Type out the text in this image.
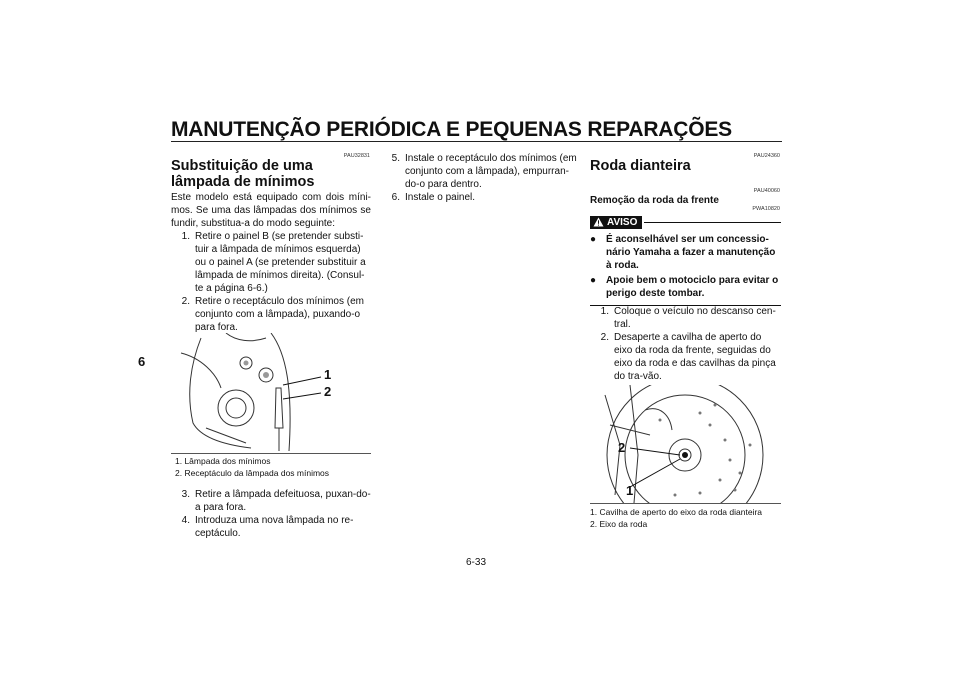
MANUTENÇÃO PERIÓDICA E PEQUENAS REPARAÇÕES
6
PAU32831
Substituição de uma lâmpada de mínimos
Este modelo está equipado com dois míni-mos. Se uma das lâmpadas dos mínimos se fundir, substitua-a do modo seguinte:
1. Retire o painel B (se pretender substi-tuir a lâmpada de mínimos esquerda) ou o painel A (se pretender substituir a lâmpada de mínimos direita). (Consul-te a página 6-6.)
2. Retire o receptáculo dos mínimos (em conjunto com a lâmpada), puxando-o para fora.
1
2
1. Lâmpada dos mínimos
2. Receptáculo da lâmpada dos mínimos
3. Retire a lâmpada defeituosa, puxan-do-a para fora.
4. Introduza uma nova lâmpada no re-ceptáculo.
5. Instale o receptáculo dos mínimos (em conjunto com a lâmpada), empurran-do-o para dentro.
6. Instale o painel.
PAU24360
Roda dianteira
PAU40060
Remoção da roda da frente
PWA10820
AVISO
● É aconselhável ser um concessio-nário Yamaha a fazer a manutenção à roda.
● Apoie bem o motociclo para evitar o perigo deste tombar.
1. Coloque o veículo no descanso cen-tral.
2. Desaperte a cavilha de aperto do eixo da roda da frente, seguidas do eixo da roda e das cavilhas da pinça do tra-vão.
2
1
1. Cavilha de aperto do eixo da roda dianteira
2. Eixo da roda
6-33
